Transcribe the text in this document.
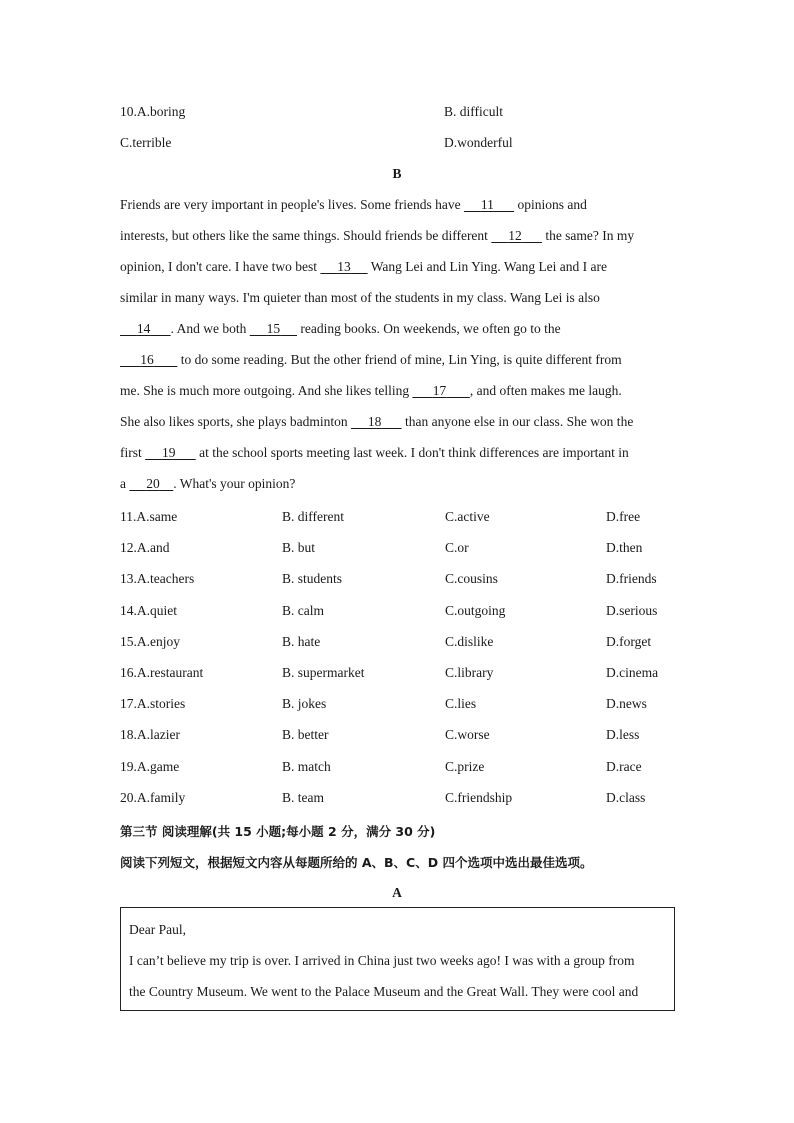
10.A.boring	B. difficult
C.terrible	D.wonderful
B
Friends are very important in people's lives. Some friends have      11       opinions and
interests, but others like the same things. Should friends be different      12       the same? In my
opinion, I don't care. I have two best      13      Wang Lei and Lin Ying. Wang Lei and I are
similar in many ways. I'm quieter than most of the students in my class. Wang Lei is also
14 . And we both      15      reading books. On weekends, we often go to the
16        to do some reading. But the other friend of mine, Lin Ying, is quite different from
me. She is much more outgoing. And she likes telling       17 , and often makes me laugh.
She also likes sports, she plays badminton      18       than anyone else in our class. She won the
first      19       at the school sports meeting last week. I don't think differences are important in
a      20 . What's your opinion?
11.A.same	B. different	C.active	D.free
12.A.and	B. but	C.or	D.then
13.A.teachers	B. students	C.cousins	D.friends
14.A.quiet	B. calm	C.outgoing	D.serious
15.A.enjoy	B. hate	C.dislike	D.forget
16.A.restaurant	B. supermarket	C.library	D.cinema
17.A.stories	B. jokes	C.lies	D.news
18.A.lazier	B. better	C.worse	D.less
19.A.game	B. match	C.prize	D.race
20.A.family	B. team	C.friendship	D.class
第三节 阅读理解(共 15 小题;每小题 2 分，满分 30 分)
阅读下列短文，根据短文内容从每题所给的 A、B、C、D 四个选项中选出最佳选项。
A
Dear Paul,
I can’t believe my trip is over. I arrived in China just two weeks ago! I was with a group from
the Country Museum. We went to the Palace Museum and the Great Wall. They were cool and
